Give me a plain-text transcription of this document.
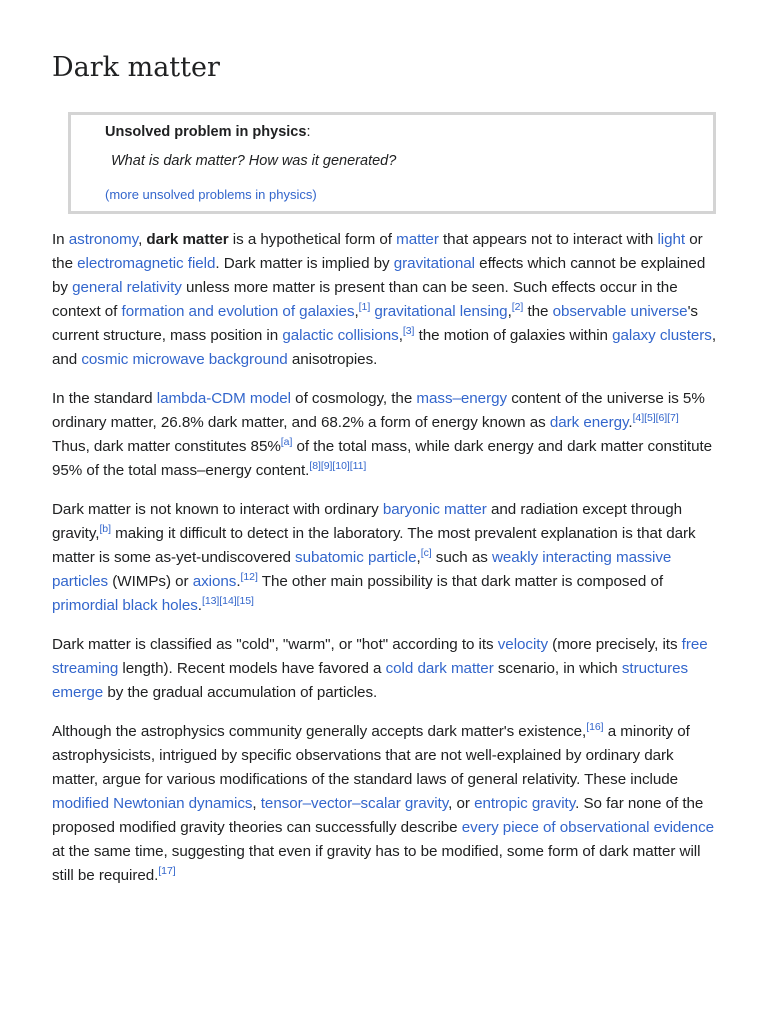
Dark matter
Unsolved problem in physics:
What is dark matter? How was it generated?
(more unsolved problems in physics)

In astronomy, dark matter is a hypothetical form of matter that appears not to interact with light or the electromagnetic field. Dark matter is implied by gravitational effects which cannot be explained by general relativity unless more matter is present than can be seen. Such effects occur in the context of formation and evolution of galaxies,[1] gravitational lensing,[2] the observable universe's current structure, mass position in galactic collisions,[3] the motion of galaxies within galaxy clusters, and cosmic microwave background anisotropies.

In the standard lambda-CDM model of cosmology, the mass–energy content of the universe is 5% ordinary matter, 26.8% dark matter, and 68.2% a form of energy known as dark energy.[4][5][6][7] Thus, dark matter constitutes 85%[a] of the total mass, while dark energy and dark matter constitute 95% of the total mass–energy content.[8][9][10][11]

Dark matter is not known to interact with ordinary baryonic matter and radiation except through gravity,[b] making it difficult to detect in the laboratory. The most prevalent explanation is that dark matter is some as-yet-undiscovered subatomic particle,[c] such as weakly interacting massive particles (WIMPs) or axions.[12] The other main possibility is that dark matter is composed of primordial black holes.[13][14][15]

Dark matter is classified as "cold", "warm", or "hot" according to its velocity (more precisely, its free streaming length). Recent models have favored a cold dark matter scenario, in which structures emerge by the gradual accumulation of particles.

Although the astrophysics community generally accepts dark matter's existence,[16] a minority of astrophysicists, intrigued by specific observations that are not well-explained by ordinary dark matter, argue for various modifications of the standard laws of general relativity. These include modified Newtonian dynamics, tensor–vector–scalar gravity, or entropic gravity. So far none of the proposed modified gravity theories can successfully describe every piece of observational evidence at the same time, suggesting that even if gravity has to be modified, some form of dark matter will still be required.[17]
